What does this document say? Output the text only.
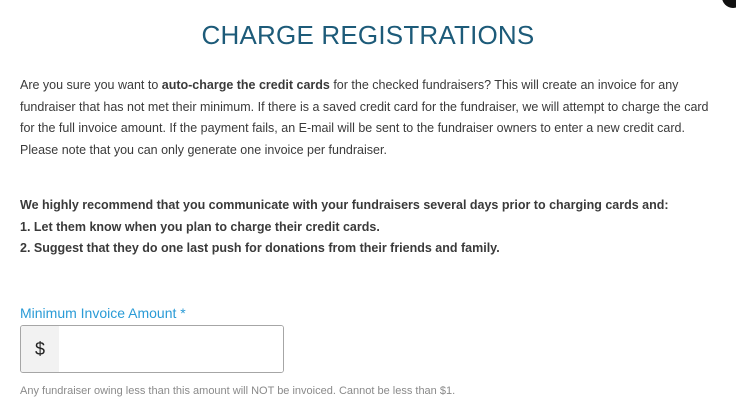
CHARGE REGISTRATIONS
Are you sure you want to auto-charge the credit cards for the checked fundraisers? This will create an invoice for any fundraiser that has not met their minimum. If there is a saved credit card for the fundraiser, we will attempt to charge the card for the full invoice amount. If the payment fails, an E-mail will be sent to the fundraiser owners to enter a new credit card. Please note that you can only generate one invoice per fundraiser.
We highly recommend that you communicate with your fundraisers several days prior to charging cards and:
1. Let them know when you plan to charge their credit cards.
2. Suggest that they do one last push for donations from their friends and family.
Minimum Invoice Amount *
$
Any fundraiser owing less than this amount will NOT be invoiced. Cannot be less than $1.
